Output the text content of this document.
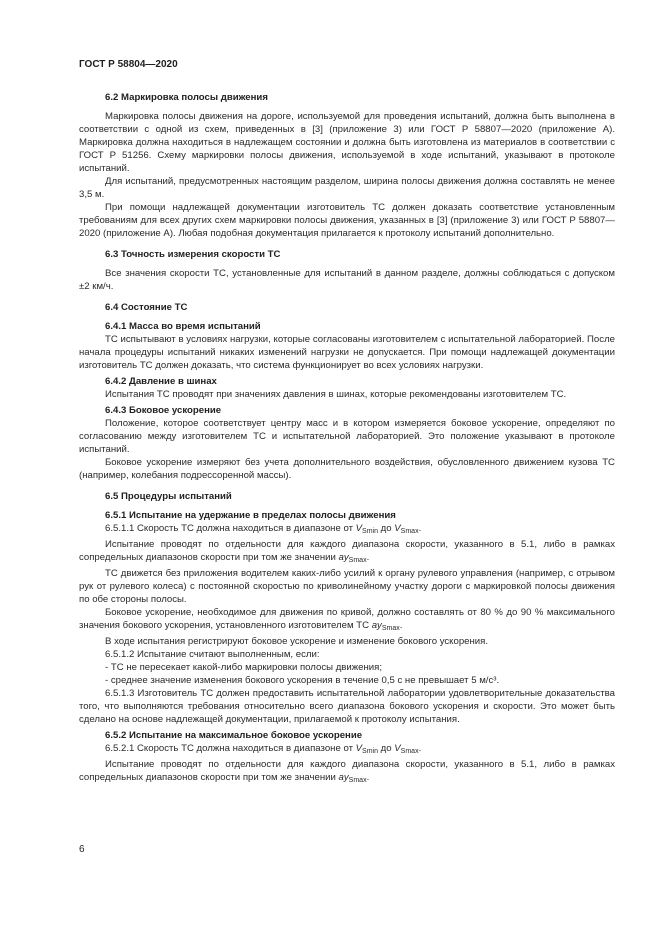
ГОСТ Р 58804—2020
6.2 Маркировка полосы движения

Маркировка полосы движения на дороге, используемой для проведения испытаний, должна быть выполнена в соответствии с одной из схем, приведенных в [3] (приложение 3) или ГОСТ Р 58807—2020 (приложение А). Маркировка должна находиться в надлежащем состоянии и должна быть изготовлена из материалов в соответствии с ГОСТ Р 51256. Схему маркировки полосы движения, используемой в ходе испытаний, указывают в протоколе испытаний.

Для испытаний, предусмотренных настоящим разделом, ширина полосы движения должна составлять не менее 3,5 м.

При помощи надлежащей документации изготовитель ТС должен доказать соответствие установленным требованиям для всех других схем маркировки полосы движения, указанных в [3] (приложение 3) или ГОСТ Р 58807—2020 (приложение А). Любая подобная документация прилагается к протоколу испытаний дополнительно.

6.3 Точность измерения скорости ТС

Все значения скорости ТС, установленные для испытаний в данном разделе, должны соблюдаться с допуском ±2 км/ч.

6.4 Состояние ТС
6.4.1 Масса во время испытаний

ТС испытывают в условиях нагрузки, которые согласованы изготовителем с испытательной лабораторией. После начала процедуры испытаний никаких изменений нагрузки не допускается. При помощи надлежащей документации изготовитель ТС должен доказать, что система функционирует во всех условиях нагрузки.

6.4.2 Давление в шинах

Испытания ТС проводят при значениях давления в шинах, которые рекомендованы изготовителем ТС.

6.4.3 Боковое ускорение

Положение, которое соответствует центру масс и в котором измеряется боковое ускорение, определяют по согласованию между изготовителем ТС и испытательной лабораторией. Это положение указывают в протоколе испытаний.

Боковое ускорение измеряют без учета дополнительного воздействия, обусловленного движением кузова ТС (например, колебания подрессоренной массы).

6.5 Процедуры испытаний
6.5.1 Испытание на удержание в пределах полосы движения

6.5.1.1 Скорость ТС должна находиться в диапазоне от $V_{Smin}$ до $V_{Smax}$.

Испытание проводят по отдельности для каждого диапазона скорости, указанного в 5.1, либо в рамках сопредельных диапазонов скорости при том же значении $ay_{Smax}$.

ТС движется без приложения водителем каких-либо усилий к органу рулевого управления (например, с отрывом рук от рулевого колеса) с постоянной скоростью по криволинейному участку дороги с маркировкой полосы движения по обе стороны полосы.

Боковое ускорение, необходимое для движения по кривой, должно составлять от 80 % до 90 % максимального значения бокового ускорения, установленного изготовителем ТС $ay_{Smax}$.

В ходе испытания регистрируют боковое ускорение и изменение бокового ускорения.

6.5.1.2 Испытание считают выполненным, если:

- ТС не пересекает какой-либо маркировки полосы движения;

- среднее значение изменения бокового ускорения в течение 0,5 с не превышает 5 м/с³.

6.5.1.3 Изготовитель ТС должен предоставить испытательной лаборатории удовлетворительные доказательства того, что выполняются требования относительно всего диапазона бокового ускорения и скорости. Это может быть сделано на основе надлежащей документации, прилагаемой к протоколу испытания.

6.5.2 Испытание на максимальное боковое ускорение

6.5.2.1 Скорость ТС должна находиться в диапазоне от $V_{Smin}$ до $V_{Smax}$.

Испытание проводят по отдельности для каждого диапазона скорости, указанного в 5.1, либо в рамках сопредельных диапазонов скорости при том же значении $ay_{Smax}$.

6
